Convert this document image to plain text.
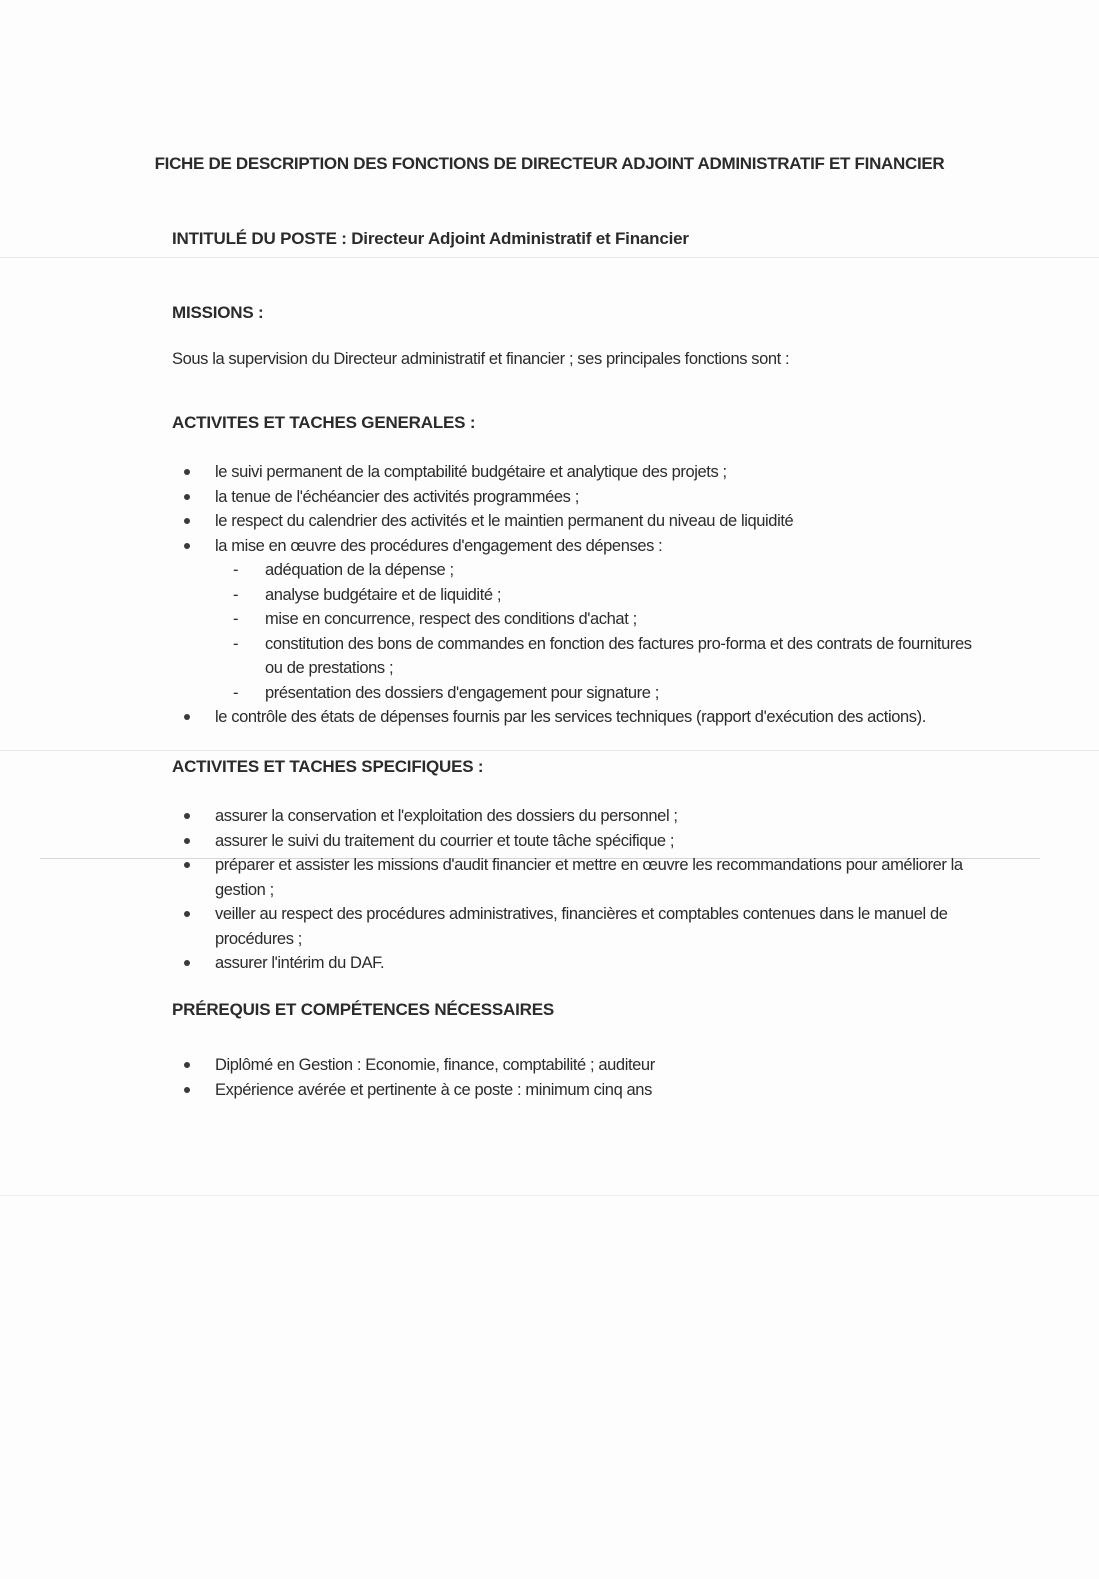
FICHE DE DESCRIPTION DES FONCTIONS DE DIRECTEUR ADJOINT ADMINISTRATIF ET FINANCIER
INTITULÉ DU POSTE : Directeur Adjoint Administratif et Financier
MISSIONS :
Sous la supervision du Directeur administratif et financier ; ses principales fonctions sont :
ACTIVITES ET TACHES GENERALES :
le suivi permanent de la comptabilité budgétaire et analytique des projets ;
la tenue de l'échéancier des activités programmées ;
le respect du calendrier des activités et le maintien permanent du niveau de liquidité
la mise en œuvre des procédures d'engagement des dépenses :
- adéquation de la dépense ;
- analyse budgétaire et de liquidité ;
- mise en concurrence, respect des conditions d'achat ;
- constitution des bons de commandes en fonction des factures pro-forma et des contrats de fournitures ou de prestations ;
- présentation des dossiers d'engagement pour signature ;
le contrôle des états de dépenses fournis par les services techniques (rapport d'exécution des actions).
ACTIVITES ET TACHES SPECIFIQUES :
assurer la conservation et l'exploitation des dossiers du personnel ;
assurer le suivi du traitement du courrier et toute tâche spécifique ;
préparer et assister les missions d'audit financier et mettre en œuvre les recommandations pour améliorer la gestion ;
veiller au respect des procédures administratives, financières et comptables contenues dans le manuel de procédures ;
assurer l'intérim du DAF.
PRÉREQUIS ET COMPÉTENCES NÉCESSAIRES
Diplômé en Gestion : Economie, finance, comptabilité ; auditeur
Expérience avérée et pertinente à ce poste : minimum cinq ans
